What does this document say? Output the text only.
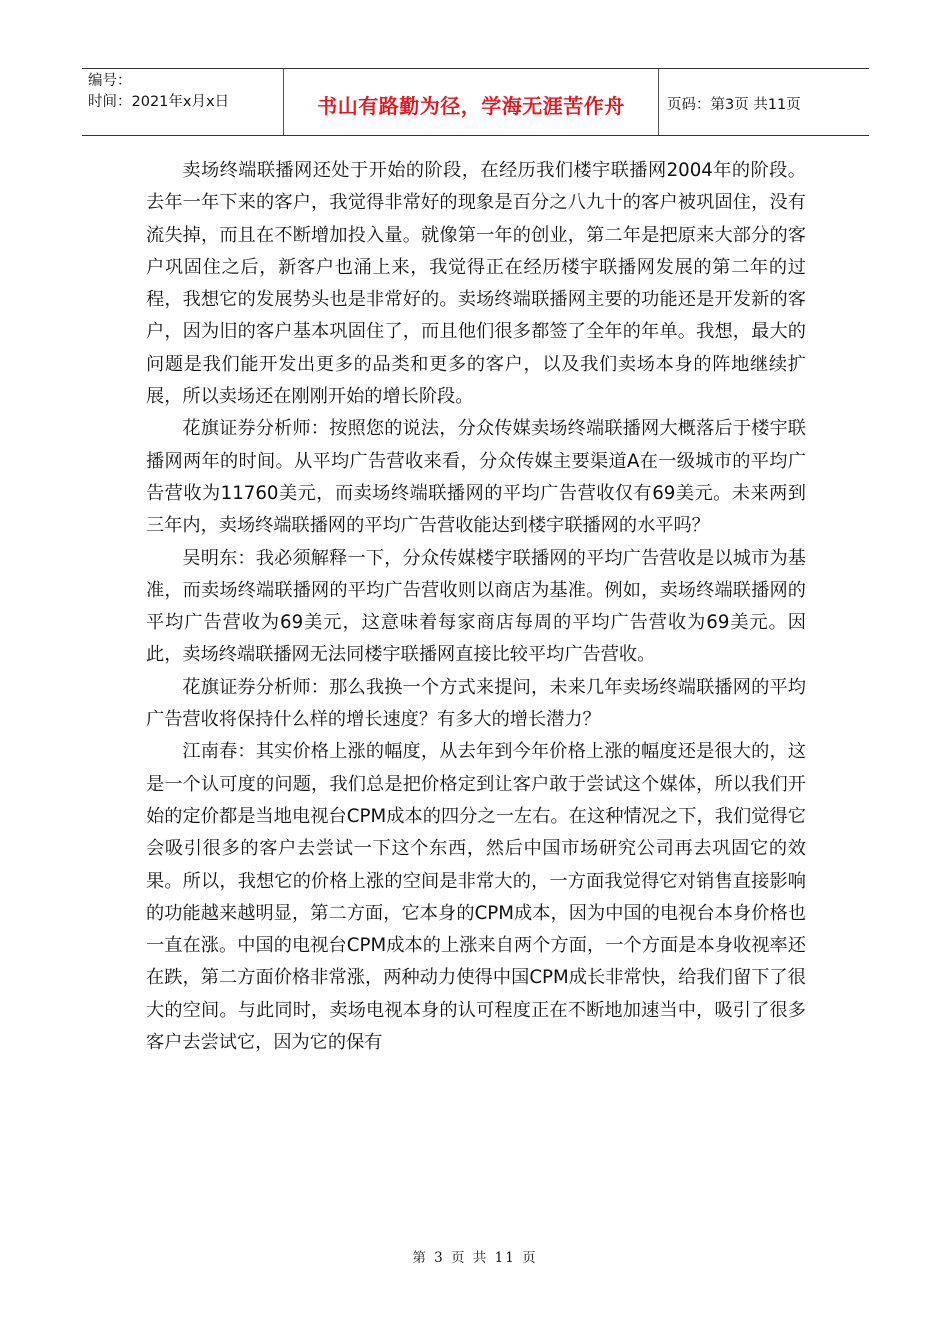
编号：
时间：2021年x月x日	书山有路勤为径，学海无涯苦作舟	页码：第3页 共11页

卖场终端联播网还处于开始的阶段，在经历我们楼宇联播网2004年的阶段。去年一年下来的客户，我觉得非常好的现象是百分之八九十的客户被巩固住，没有流失掉，而且在不断增加投入量。就像第一年的创业，第二年是把原来大部分的客户巩固住之后，新客户也涌上来，我觉得正在经历楼宇联播网发展的第二年的过程，我想它的发展势头也是非常好的。卖场终端联播网主要的功能还是开发新的客户，因为旧的客户基本巩固住了，而且他们很多都签了全年的年单。我想，最大的问题是我们能开发出更多的品类和更多的客户，以及我们卖场本身的阵地继续扩展，所以卖场还在刚刚开始的增长阶段。

花旗证券分析师：按照您的说法，分众传媒卖场终端联播网大概落后于楼宇联播网两年的时间。从平均广告营收来看，分众传媒主要渠道A在一级城市的平均广告营收为11760美元，而卖场终端联播网的平均广告营收仅有69美元。未来两到三年内，卖场终端联播网的平均广告营收能达到楼宇联播网的水平吗？

吴明东：我必须解释一下，分众传媒楼宇联播网的平均广告营收是以城市为基准，而卖场终端联播网的平均广告营收则以商店为基准。例如，卖场终端联播网的平均广告营收为69美元，这意味着每家商店每周的平均广告营收为69美元。因此，卖场终端联播网无法同楼宇联播网直接比较平均广告营收。

花旗证券分析师：那么我换一个方式来提问，未来几年卖场终端联播网的平均广告营收将保持什么样的增长速度？有多大的增长潜力？

江南春：其实价格上涨的幅度，从去年到今年价格上涨的幅度还是很大的，这是一个认可度的问题，我们总是把价格定到让客户敢于尝试这个媒体，所以我们开始的定价都是当地电视台CPM成本的四分之一左右。在这种情况之下，我们觉得它会吸引很多的客户去尝试一下这个东西，然后中国市场研究公司再去巩固它的效果。所以，我想它的价格上涨的空间是非常大的，一方面我觉得它对销售直接影响的功能越来越明显，第二方面，它本身的CPM成本，因为中国的电视台本身价格也一直在涨。中国的电视台CPM成本的上涨来自两个方面，一个方面是本身收视率还在跌，第二方面价格非常涨，两种动力使得中国CPM成长非常快，给我们留下了很大的空间。与此同时，卖场电视本身的认可程度正在不断地加速当中，吸引了很多客户去尝试它，因为它的保有

第 3 页 共 11 页
